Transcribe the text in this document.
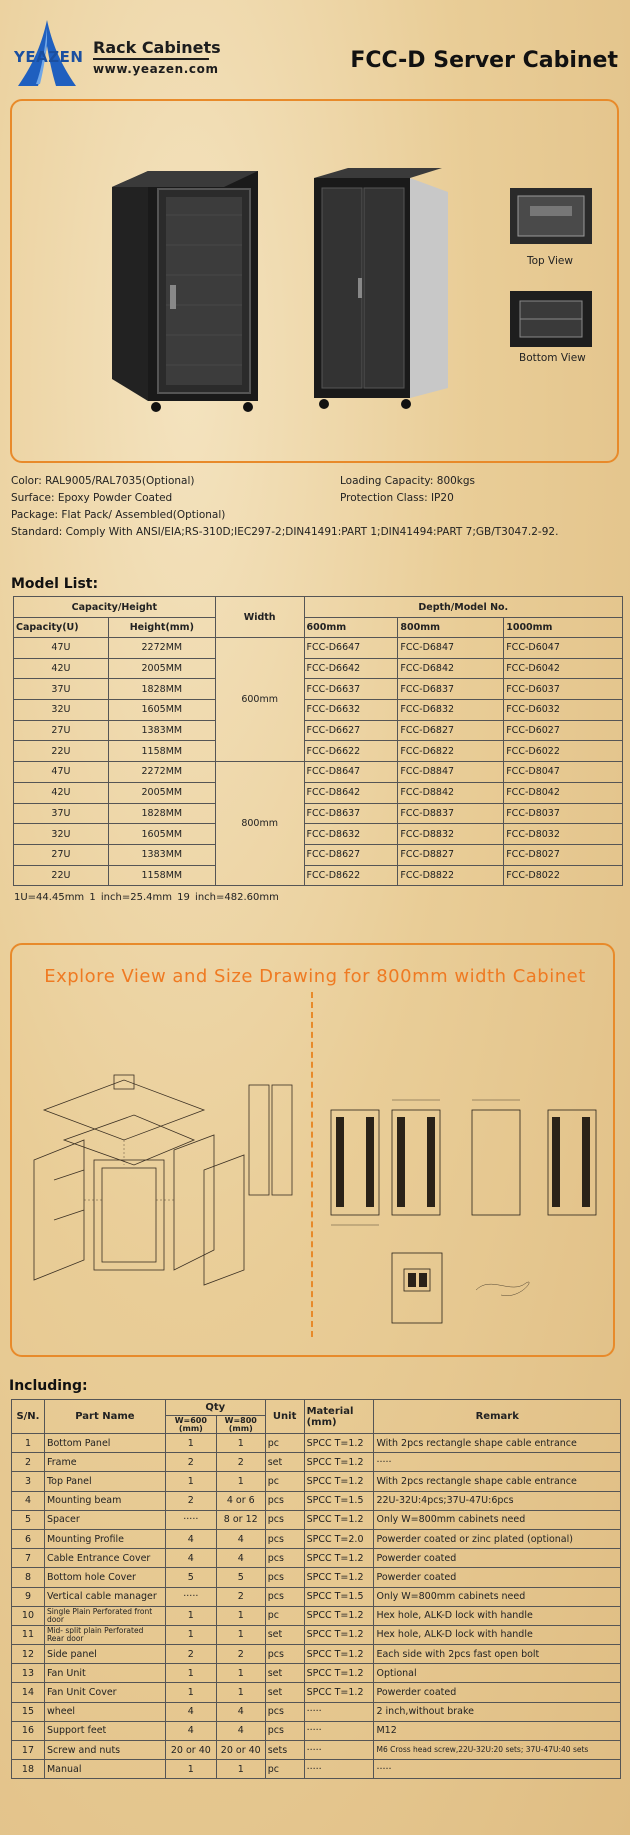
YEAZEN Rack Cabinets
www.yeazen.com	FCC-D Server Cabinet
Top View
Bottom View
Color: RAL9005/RAL7035(Optional)	Loading Capacity: 800kgs
Surface: Epoxy Powder Coated	Protection Class: IP20
Package: Flat Pack/ Assembled(Optional)
Standard: Comply With ANSI/EIA;RS-310D;IEC297-2;DIN41491:PART 1;DIN41494:PART 7;GB/T3047.2-92.
Model List:
Capacity/Height		Width	Depth/Model No.		
Capacity(U)	Height(mm)		600mm	800mm	1000mm
47U	2272MM	600mm	FCC-D6647	FCC-D6847	FCC-D6047
42U	2005MM		FCC-D6642	FCC-D6842	FCC-D6042
37U	1828MM		FCC-D6637	FCC-D6837	FCC-D6037
32U	1605MM		FCC-D6632	FCC-D6832	FCC-D6032
27U	1383MM		FCC-D6627	FCC-D6827	FCC-D6027
22U	1158MM		FCC-D6622	FCC-D6822	FCC-D6022
47U	2272MM	800mm	FCC-D8647	FCC-D8847	FCC-D8047
42U	2005MM		FCC-D8642	FCC-D8842	FCC-D8042
37U	1828MM		FCC-D8637	FCC-D8837	FCC-D8037
32U	1605MM		FCC-D8632	FCC-D8832	FCC-D8032
27U	1383MM		FCC-D8627	FCC-D8827	FCC-D8027
22U	1158MM		FCC-D8622	FCC-D8822	FCC-D8022
1U=44.45mm 1 inch=25.4mm 19 inch=482.60mm
Explore View and Size Drawing for 800mm width Cabinet
Including:
S/N.	Part Name	Qty		Unit	Material (mm)	Remark
		W=600 (mm)	W=800 (mm)			
1	Bottom Panel	1	1	pc	SPCC T=1.2	With 2pcs rectangle shape cable entrance
2	Frame	2	2	set	SPCC T=1.2	·····
3	Top Panel	1	1	pc	SPCC T=1.2	With 2pcs rectangle shape cable entrance
4	Mounting beam	2	4 or 6	pcs	SPCC T=1.5	22U-32U:4pcs;37U-47U:6pcs
5	Spacer	·····	8 or 12	pcs	SPCC T=1.2	Only W=800mm cabinets need
6	Mounting Profile	4	4	pcs	SPCC T=2.0	Powerder coated or zinc plated (optional)
7	Cable Entrance Cover	4	4	pcs	SPCC T=1.2	Powerder coated
8	Bottom hole Cover	5	5	pcs	SPCC T=1.2	Powerder coated
9	Vertical cable manager	·····	2	pcs	SPCC T=1.5	Only W=800mm cabinets need
10	Single Plain Perforated front door	1	1	pc	SPCC T=1.2	Hex hole, ALK-D lock with handle
11	Mid- split plain Perforated Rear door	1	1	set	SPCC T=1.2	Hex hole, ALK-D lock with handle
12	Side panel	2	2	pcs	SPCC T=1.2	Each side with 2pcs fast open bolt
13	Fan Unit	1	1	set	SPCC T=1.2	Optional
14	Fan Unit Cover	1	1	set	SPCC T=1.2	Powerder coated
15	wheel	4	4	pcs	·····	2 inch,without brake
16	Support feet	4	4	pcs	·····	M12
17	Screw and nuts	20 or 40	20 or 40	sets	·····	M6 Cross head screw,22U-32U:20 sets; 37U-47U:40 sets
18	Manual	1	1	pc	·····	·····
